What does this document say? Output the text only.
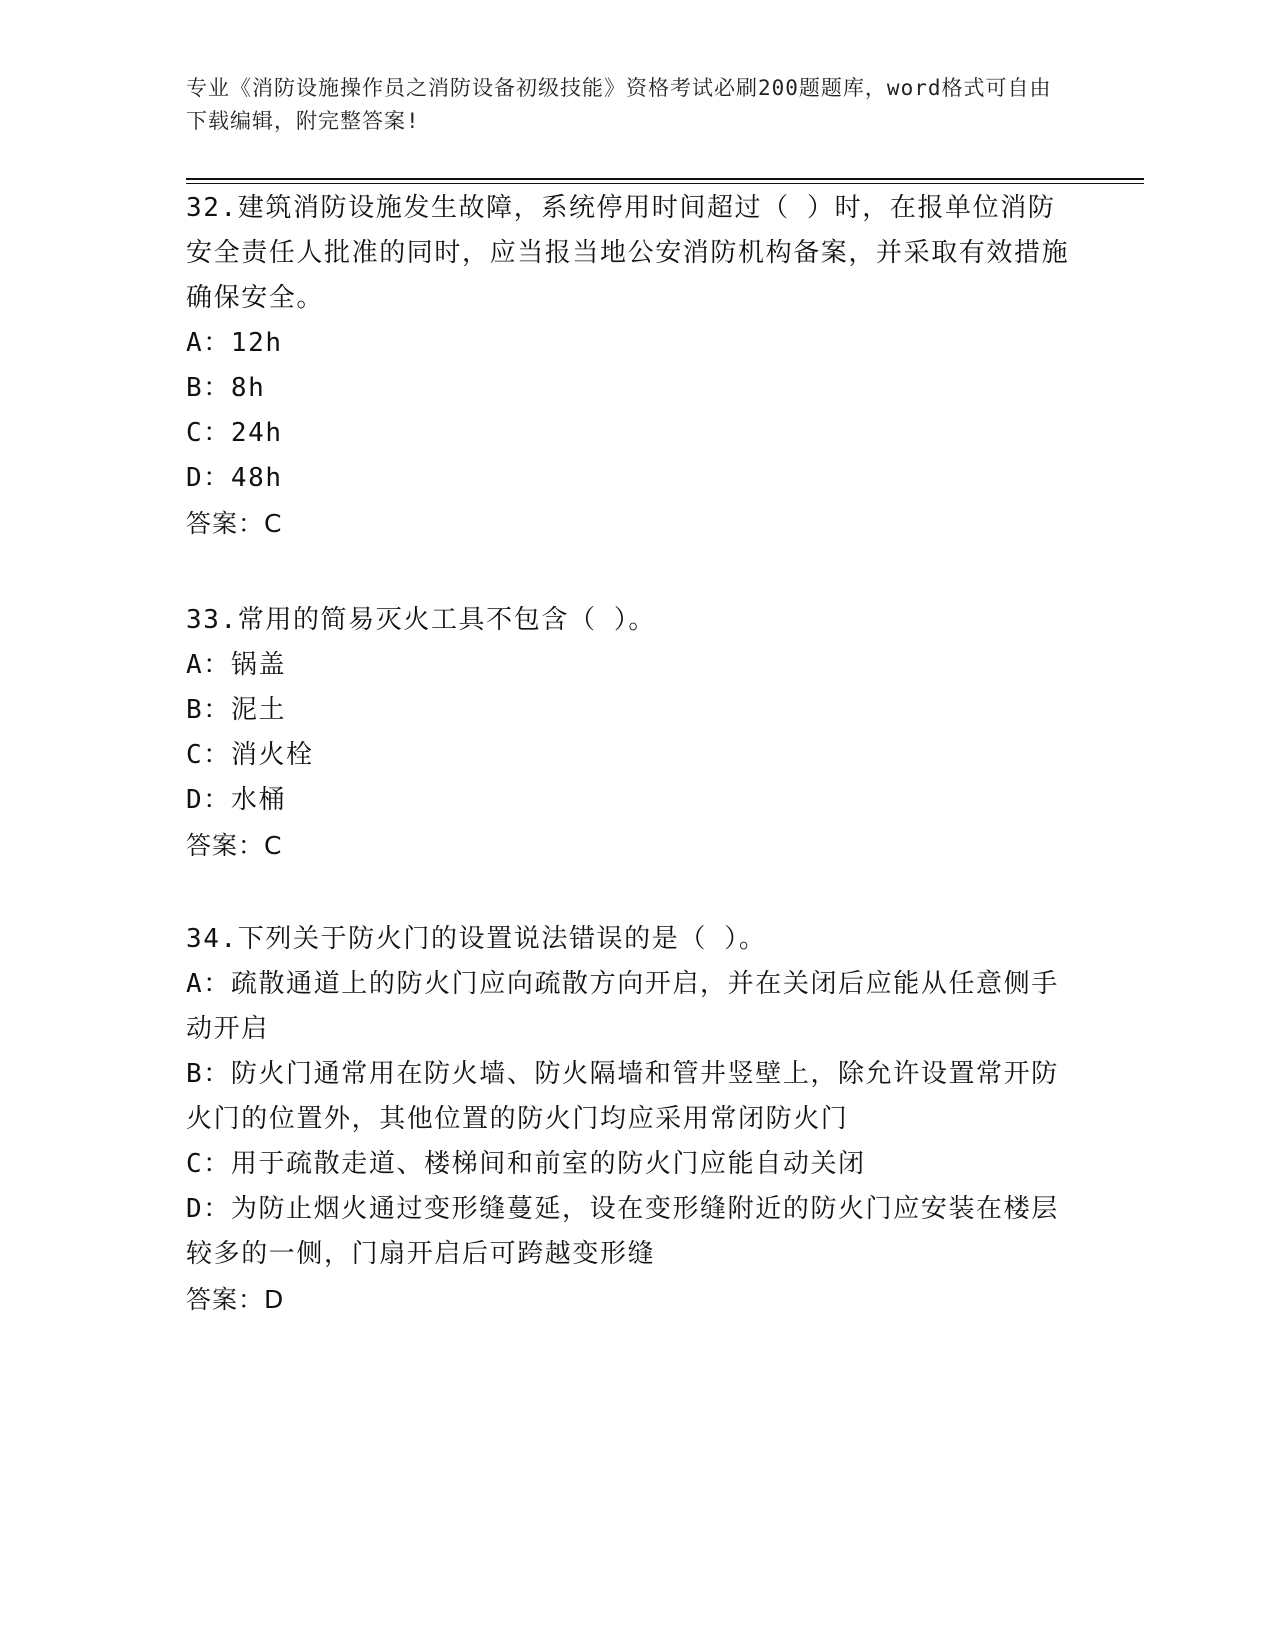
专业《消防设施操作员之消防设备初级技能》资格考试必刷200题题库，word格式可自由下载编辑，附完整答案!
32.建筑消防设施发生故障，系统停用时间超过（ ）时，在报单位消防安全责任人批准的同时，应当报当地公安消防机构备案，并采取有效措施确保安全。
A：12h
B：8h
C：24h
D：48h
答案：C
33.常用的简易灭火工具不包含（ ）。
A：锅盖
B：泥土
C：消火栓
D：水桶
答案：C
34.下列关于防火门的设置说法错误的是（ ）。
A：疏散通道上的防火门应向疏散方向开启，并在关闭后应能从任意侧手动开启
B：防火门通常用在防火墙、防火隔墙和管井竖壁上，除允许设置常开防火门的位置外，其他位置的防火门均应采用常闭防火门
C：用于疏散走道、楼梯间和前室的防火门应能自动关闭
D：为防止烟火通过变形缝蔓延，设在变形缝附近的防火门应安装在楼层较多的一侧，门扇开启后可跨越变形缝
答案：D
